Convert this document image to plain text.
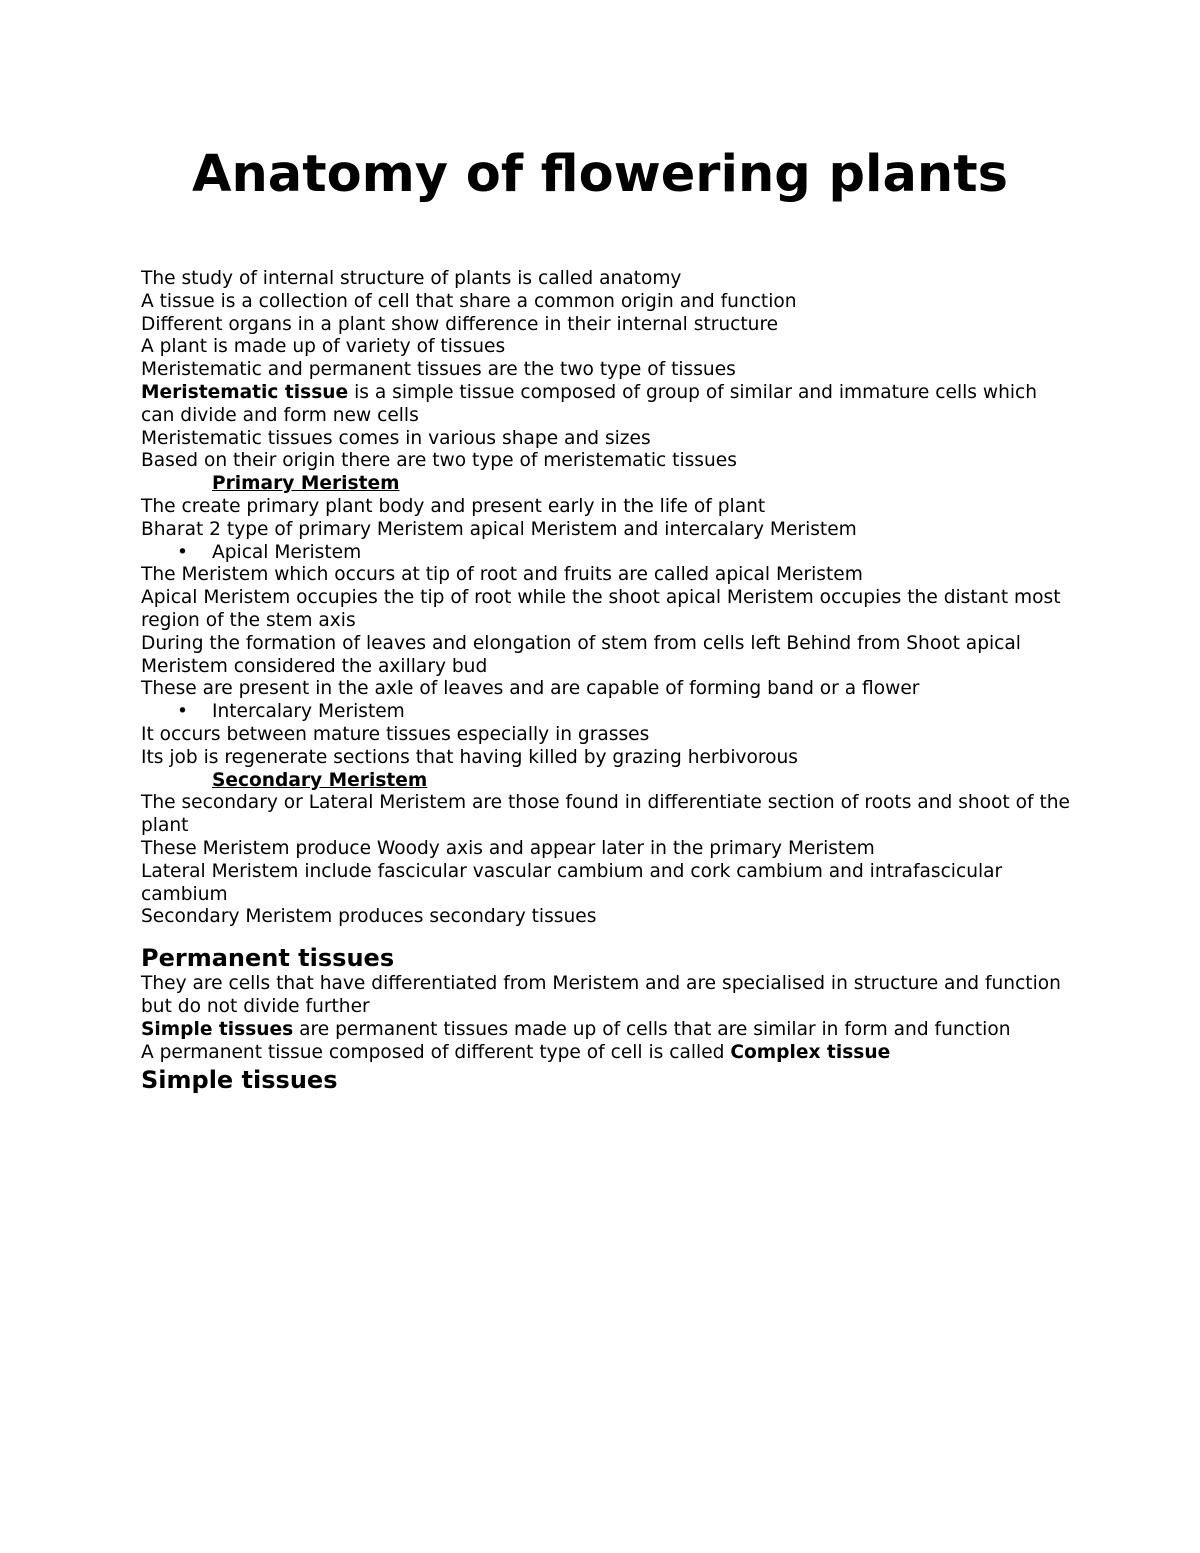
Anatomy of flowering plants

The study of internal structure of plants is called anatomy

A tissue is a collection of cell that share a common origin and function

Different organs in a plant show difference in their internal structure

A plant is made up of variety of tissues

Meristematic and permanent tissues are the two type of tissues

Meristematic tissue is a simple tissue composed of group of similar and immature cells which can divide and form new cells

Meristematic tissues comes in various shape and sizes

Based on their origin there are two type of meristematic tissues

Primary Meristem

The create primary plant body and present early in the life of plant

Bharat 2 type of primary Meristem apical Meristem and intercalary Meristem

• Apical Meristem

The Meristem which occurs at tip of root and fruits are called apical Meristem

Apical Meristem occupies the tip of root while the shoot apical Meristem occupies the distant most region of the stem axis

During the formation of leaves and elongation of stem from cells left Behind from Shoot apical Meristem considered the axillary bud

These are present in the axle of leaves and are capable of forming band or a flower

• Intercalary Meristem

It occurs between mature tissues especially in grasses

Its job is regenerate sections that having killed by grazing herbivorous

Secondary Meristem

The secondary or Lateral Meristem are those found in differentiate section of roots and shoot of the plant

These Meristem produce Woody axis and appear later in the primary Meristem

Lateral Meristem include fascicular vascular cambium and cork cambium and intrafascicular cambium

Secondary Meristem produces secondary tissues

Permanent tissues

They are cells that have differentiated from Meristem and are specialised in structure and function but do not divide further

Simple tissues are permanent tissues made up of cells that are similar in form and function

A permanent tissue composed of different type of cell is called Complex tissue

Simple tissues
